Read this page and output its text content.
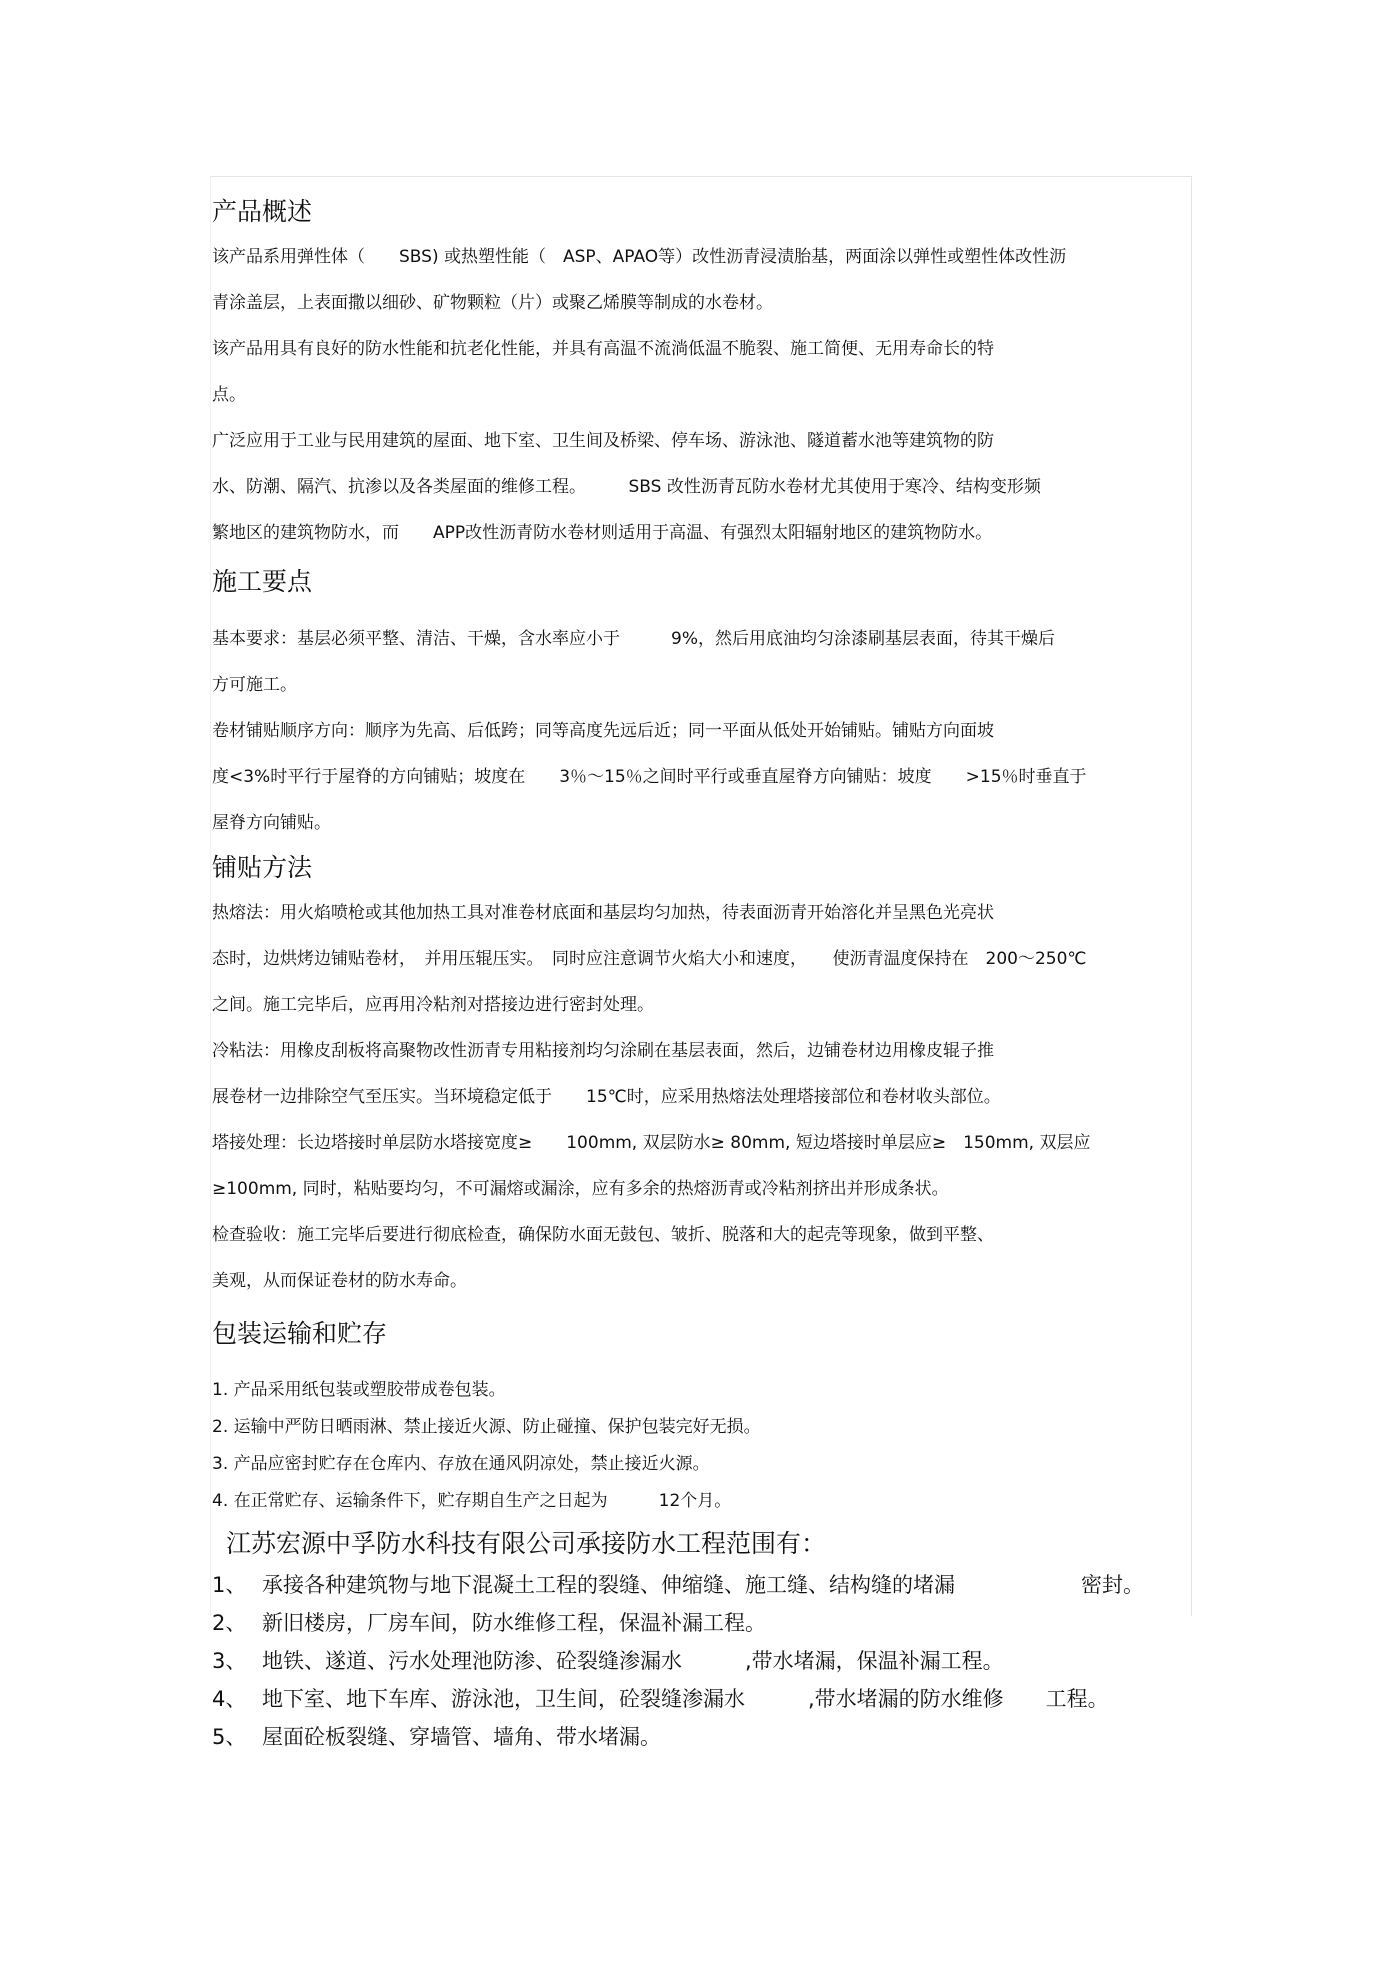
产品概述

该产品系用弹性体（　　SBS) 或热塑性能（　ASP、APAO等）改性沥青浸渍胎基，两面涂以弹性或塑性体改性沥

青涂盖层，上表面撒以细砂、矿物颗粒（片）或聚乙烯膜等制成的水卷材。

该产品用具有良好的防水性能和抗老化性能，并具有高温不流淌低温不脆裂、施工简便、无用寿命长的特

点。

广泛应用于工业与民用建筑的屋面、地下室、卫生间及桥梁、停车场、游泳池、隧道蓄水池等建筑物的防

水、防潮、隔汽、抗渗以及各类屋面的维修工程。　　　SBS 改性沥青瓦防水卷材尤其使用于寒冷、结构变形频

繁地区的建筑物防水，而　　APP改性沥青防水卷材则适用于高温、有强烈太阳辐射地区的建筑物防水。

施工要点

基本要求：基层必须平整、清洁、干燥，含水率应小于　　　9%，然后用底油均匀涂漆刷基层表面，待其干燥后

方可施工。

卷材铺贴顺序方向：顺序为先高、后低跨；同等高度先远后近；同一平面从低处开始铺贴。铺贴方向面坡

度<3%时平行于屋脊的方向铺贴；坡度在　　3％～15％之间时平行或垂直屋脊方向铺贴：坡度　　>15％时垂直于

屋脊方向铺贴。

铺贴方法

热熔法：用火焰喷枪或其他加热工具对准卷材底面和基层均匀加热，待表面沥青开始溶化并呈黑色光亮状

态时，边烘烤边铺贴卷材，　并用压辊压实。　同时应注意调节火焰大小和速度，　　使沥青温度保持在　200～250℃

之间。施工完毕后，应再用冷粘剂对搭接边进行密封处理。

冷粘法：用橡皮刮板将高聚物改性沥青专用粘接剂均匀涂刷在基层表面，然后，边铺卷材边用橡皮辊子推

展卷材一边排除空气至压实。当环境稳定低于　　15℃时，应采用热熔法处理塔接部位和卷材收头部位。

塔接处理：长边塔接时单层防水塔接宽度≥　　100mm, 双层防水≥ 80mm, 短边塔接时单层应≥　150mm, 双层应

≥100mm, 同时，粘贴要均匀，不可漏熔或漏涂，应有多余的热熔沥青或冷粘剂挤出并形成条状。

检查验收：施工完毕后要进行彻底检查，确保防水面无鼓包、皱折、脱落和大的起壳等现象，做到平整、

美观，从而保证卷材的防水寿命。

包装运输和贮存

1. 产品采用纸包装或塑胶带成卷包装。

2. 运输中严防日晒雨淋、禁止接近火源、防止碰撞、保护包装完好无损。

3. 产品应密封贮存在仓库内、存放在通风阴凉处，禁止接近火源。

4. 在正常贮存、运输条件下，贮存期自生产之日起为　　　12个月。

江苏宏源中孚防水科技有限公司承接防水工程范围有：

1、 承接各种建筑物与地下混凝土工程的裂缝、伸缩缝、施工缝、结构缝的堵漏　　　　　　密封。

2、 新旧楼房，厂房车间，防水维修工程，保温补漏工程。

3、 地铁、遂道、污水处理池防渗、砼裂缝渗漏水　　　,带水堵漏，保温补漏工程。

4、 地下室、地下车库、游泳池，卫生间，砼裂缝渗漏水　　　,带水堵漏的防水维修　　工程。

5、 屋面砼板裂缝、穿墙管、墙角、带水堵漏。
